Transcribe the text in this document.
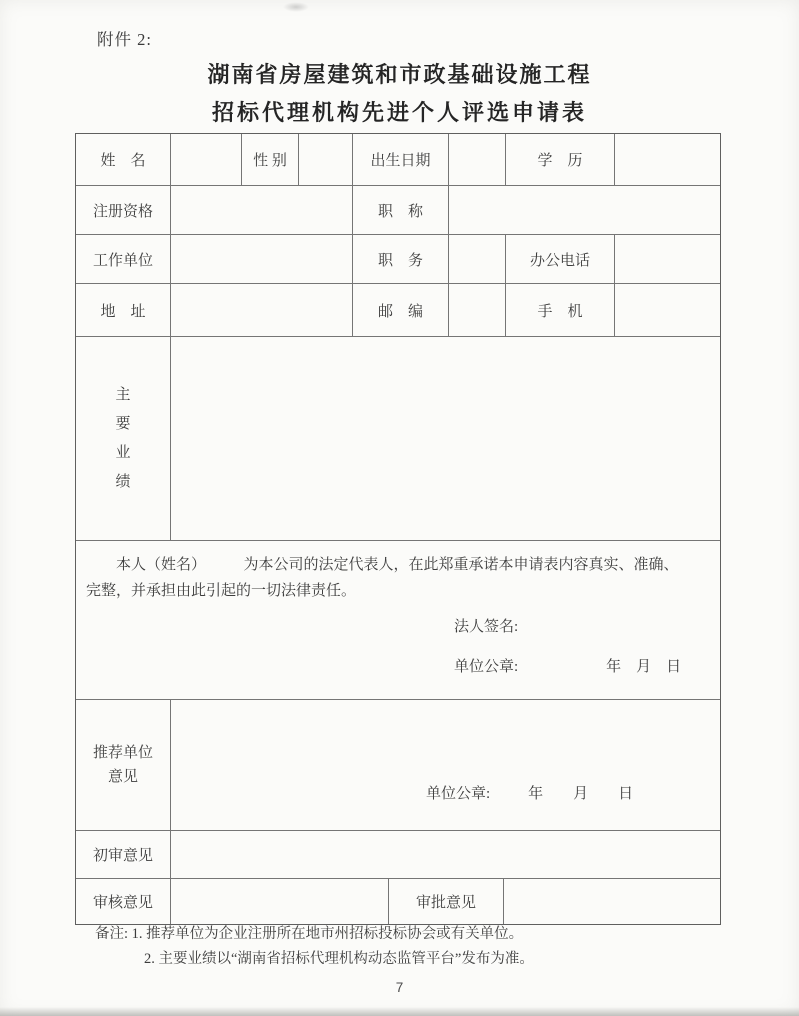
附件 2:
湖南省房屋建筑和市政基础设施工程
招标代理机构先进个人评选申请表
姓　名	性 别	出生日期	学　历
注册资格	职　称
工作单位	职　务	办公电话
地　址	邮　编	手　机
主要业绩
本人（姓名）　　　为本公司的法定代表人，在此郑重承诺本申请表内容真实、准确、
完整，并承担由此引起的一切法律责任。
法人签名:
单位公章:	年　月　日
推荐单位
意见
单位公章:	年　　月　　日
初审意见
审核意见	审批意见
备注: 1. 推荐单位为企业注册所在地市州招标投标协会或有关单位。
2. 主要业绩以“湖南省招标代理机构动态监管平台”发布为准。
7
